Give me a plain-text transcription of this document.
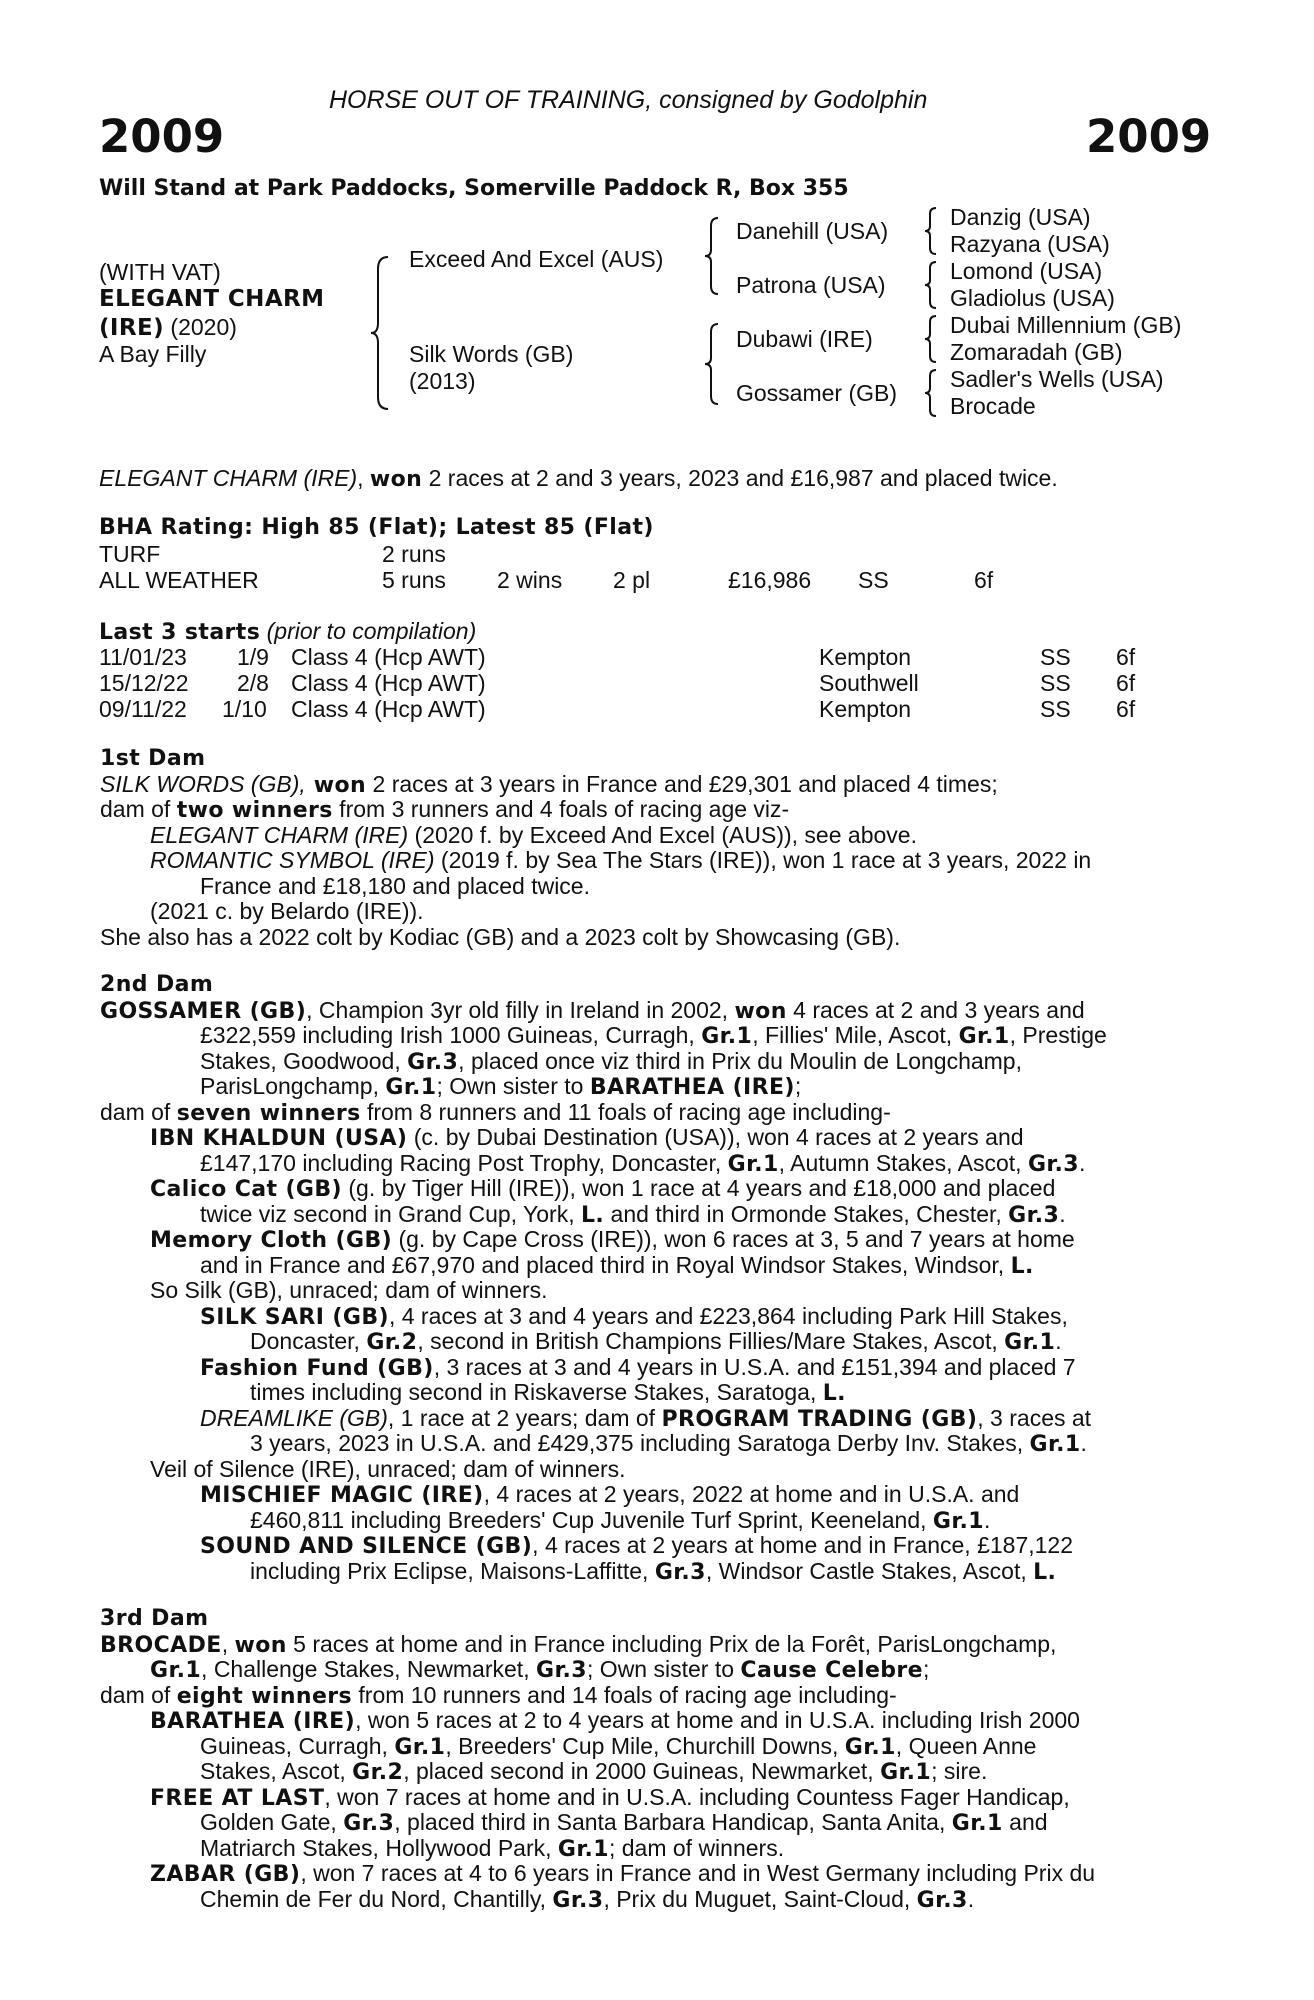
HORSE OUT OF TRAINING, consigned by Godolphin
2009	2009
Will Stand at Park Paddocks, Somerville Paddock R, Box 355
(WITH VAT)
ELEGANT CHARM
(IRE) (2020)
A Bay Filly
Exceed And Excel (AUS)
Silk Words (GB)
(2013)
Danehill (USA)
Patrona (USA)
Dubawi (IRE)
Gossamer (GB)
Danzig (USA)
Razyana (USA)
Lomond (USA)
Gladiolus (USA)
Dubai Millennium (GB)
Zomaradah (GB)
Sadler's Wells (USA)
Brocade
ELEGANT CHARM (IRE), won 2 races at 2 and 3 years, 2023 and £16,987 and placed twice.
BHA Rating: High 85 (Flat); Latest 85 (Flat)
TURF	2 runs
ALL WEATHER	5 runs 2 wins 2 pl	£16,986 SS	6f
Last 3 starts (prior to compilation)
11/01/23 1/9 Class 4 (Hcp AWT)	Kempton	SS 6f
15/12/22 2/8 Class 4 (Hcp AWT)	Southwell	SS 6f
09/11/22 1/10 Class 4 (Hcp AWT)	Kempton	SS 6f
1st Dam
SILK WORDS (GB), won 2 races at 3 years in France and £29,301 and placed 4 times;
dam of two winners from 3 runners and 4 foals of racing age viz-
ELEGANT CHARM (IRE) (2020 f. by Exceed And Excel (AUS)), see above.
ROMANTIC SYMBOL (IRE) (2019 f. by Sea The Stars (IRE)), won 1 race at 3 years, 2022 in
France and £18,180 and placed twice.
(2021 c. by Belardo (IRE)).
She also has a 2022 colt by Kodiac (GB) and a 2023 colt by Showcasing (GB).
2nd Dam
GOSSAMER (GB), Champion 3yr old filly in Ireland in 2002, won 4 races at 2 and 3 years and
£322,559 including Irish 1000 Guineas, Curragh, Gr.1, Fillies' Mile, Ascot, Gr.1, Prestige
Stakes, Goodwood, Gr.3, placed once viz third in Prix du Moulin de Longchamp,
ParisLongchamp, Gr.1; Own sister to BARATHEA (IRE);
dam of seven winners from 8 runners and 11 foals of racing age including-
IBN KHALDUN (USA) (c. by Dubai Destination (USA)), won 4 races at 2 years and
£147,170 including Racing Post Trophy, Doncaster, Gr.1, Autumn Stakes, Ascot, Gr.3.
Calico Cat (GB) (g. by Tiger Hill (IRE)), won 1 race at 4 years and £18,000 and placed
twice viz second in Grand Cup, York, L. and third in Ormonde Stakes, Chester, Gr.3.
Memory Cloth (GB) (g. by Cape Cross (IRE)), won 6 races at 3, 5 and 7 years at home
and in France and £67,970 and placed third in Royal Windsor Stakes, Windsor, L.
So Silk (GB), unraced; dam of winners.
SILK SARI (GB), 4 races at 3 and 4 years and £223,864 including Park Hill Stakes,
Doncaster, Gr.2, second in British Champions Fillies/Mare Stakes, Ascot, Gr.1.
Fashion Fund (GB), 3 races at 3 and 4 years in U.S.A. and £151,394 and placed 7
times including second in Riskaverse Stakes, Saratoga, L.
DREAMLIKE (GB), 1 race at 2 years; dam of PROGRAM TRADING (GB), 3 races at
3 years, 2023 in U.S.A. and £429,375 including Saratoga Derby Inv. Stakes, Gr.1.
Veil of Silence (IRE), unraced; dam of winners.
MISCHIEF MAGIC (IRE), 4 races at 2 years, 2022 at home and in U.S.A. and
£460,811 including Breeders' Cup Juvenile Turf Sprint, Keeneland, Gr.1.
SOUND AND SILENCE (GB), 4 races at 2 years at home and in France, £187,122
including Prix Eclipse, Maisons-Laffitte, Gr.3, Windsor Castle Stakes, Ascot, L.
3rd Dam
BROCADE, won 5 races at home and in France including Prix de la Forêt, ParisLongchamp,
Gr.1, Challenge Stakes, Newmarket, Gr.3; Own sister to Cause Celebre;
dam of eight winners from 10 runners and 14 foals of racing age including-
BARATHEA (IRE), won 5 races at 2 to 4 years at home and in U.S.A. including Irish 2000
Guineas, Curragh, Gr.1, Breeders' Cup Mile, Churchill Downs, Gr.1, Queen Anne
Stakes, Ascot, Gr.2, placed second in 2000 Guineas, Newmarket, Gr.1; sire.
FREE AT LAST, won 7 races at home and in U.S.A. including Countess Fager Handicap,
Golden Gate, Gr.3, placed third in Santa Barbara Handicap, Santa Anita, Gr.1 and
Matriarch Stakes, Hollywood Park, Gr.1; dam of winners.
ZABAR (GB), won 7 races at 4 to 6 years in France and in West Germany including Prix du
Chemin de Fer du Nord, Chantilly, Gr.3, Prix du Muguet, Saint-Cloud, Gr.3.
